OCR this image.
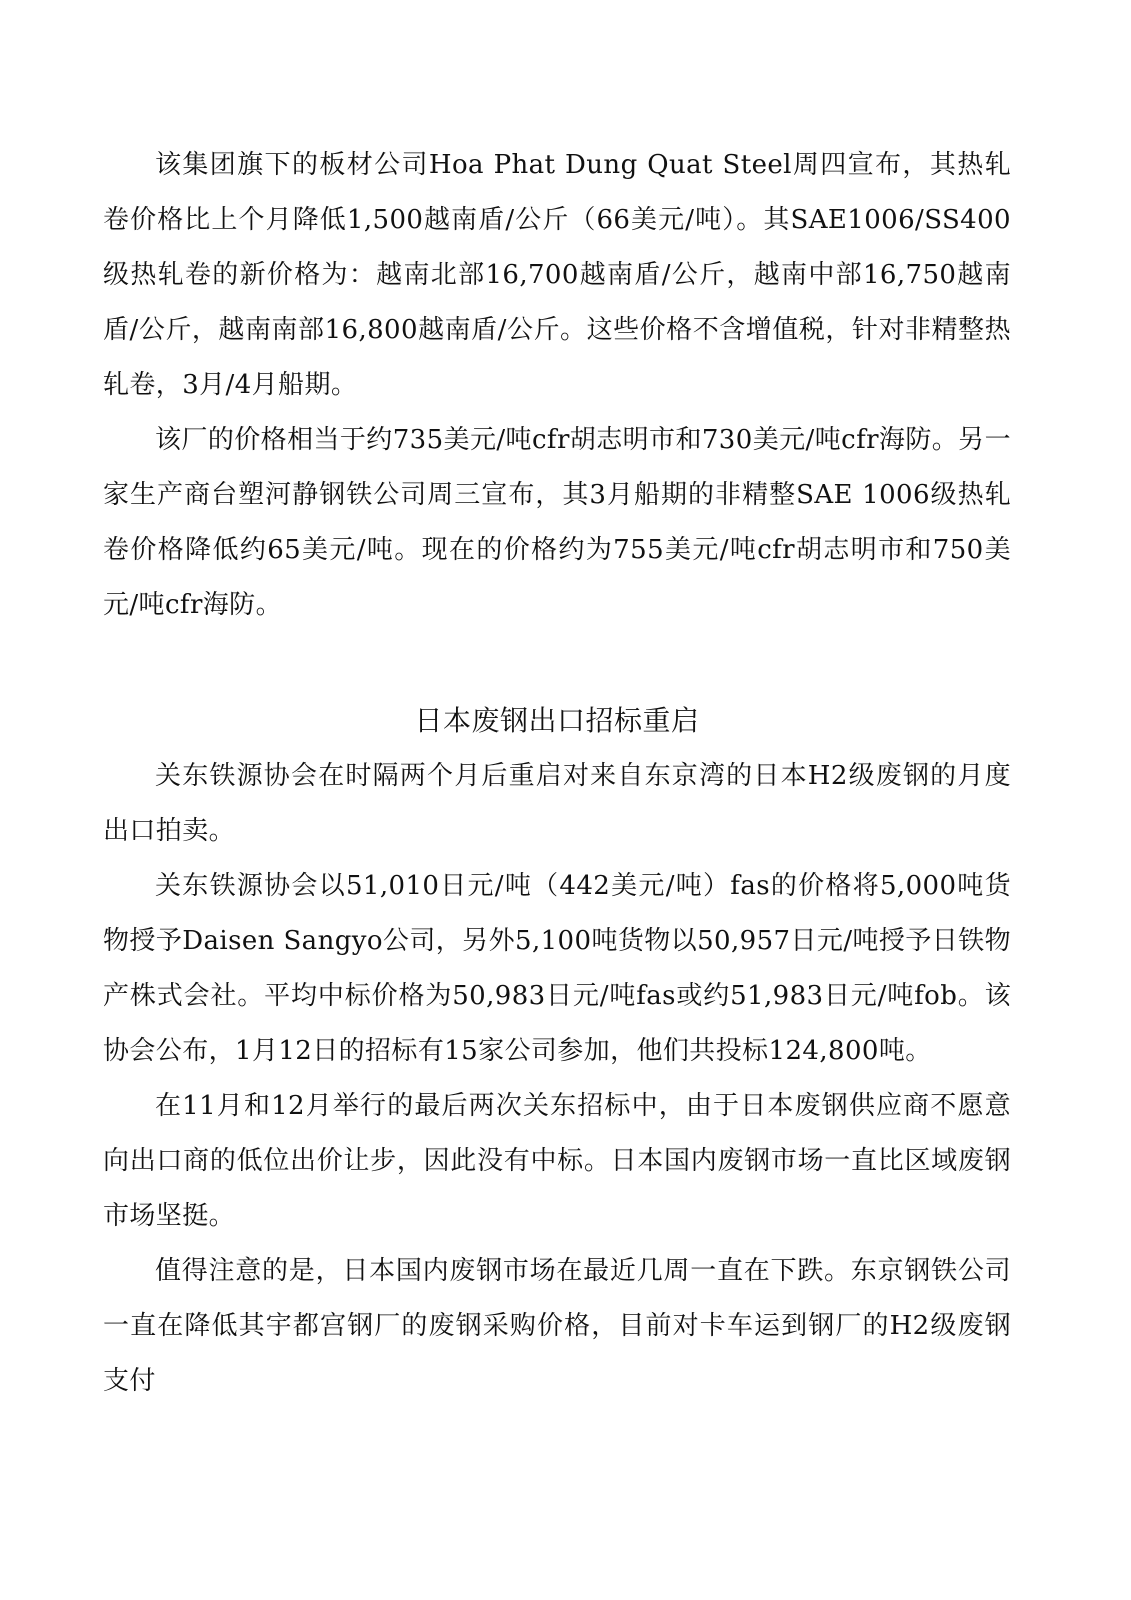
该集团旗下的板材公司Hoa Phat Dung Quat Steel周四宣布，其热轧卷价格比上个月降低1,500越南盾/公斤（66美元/吨）。其SAE1006/SS400级热轧卷的新价格为：越南北部16,700越南盾/公斤，越南中部16,750越南盾/公斤，越南南部16,800越南盾/公斤。这些价格不含增值税，针对非精整热轧卷，3月/4月船期。

该厂的价格相当于约735美元/吨cfr胡志明市和730美元/吨cfr海防。另一家生产商台塑河静钢铁公司周三宣布，其3月船期的非精整SAE 1006级热轧卷价格降低约65美元/吨。现在的价格约为755美元/吨cfr胡志明市和750美元/吨cfr海防。

日本废钢出口招标重启

关东铁源协会在时隔两个月后重启对来自东京湾的日本H2级废钢的月度出口拍卖。

关东铁源协会以51,010日元/吨（442美元/吨）fas的价格将5,000吨货物授予Daisen Sangyo公司，另外5,100吨货物以50,957日元/吨授予日铁物产株式会社。平均中标价格为50,983日元/吨fas或约51,983日元/吨fob。该协会公布，1月12日的招标有15家公司参加，他们共投标124,800吨。

在11月和12月举行的最后两次关东招标中，由于日本废钢供应商不愿意向出口商的低位出价让步，因此没有中标。日本国内废钢市场一直比区域废钢市场坚挺。

值得注意的是，日本国内废钢市场在最近几周一直在下跌。东京钢铁公司一直在降低其宇都宫钢厂的废钢采购价格，目前对卡车运到钢厂的H2级废钢支付
